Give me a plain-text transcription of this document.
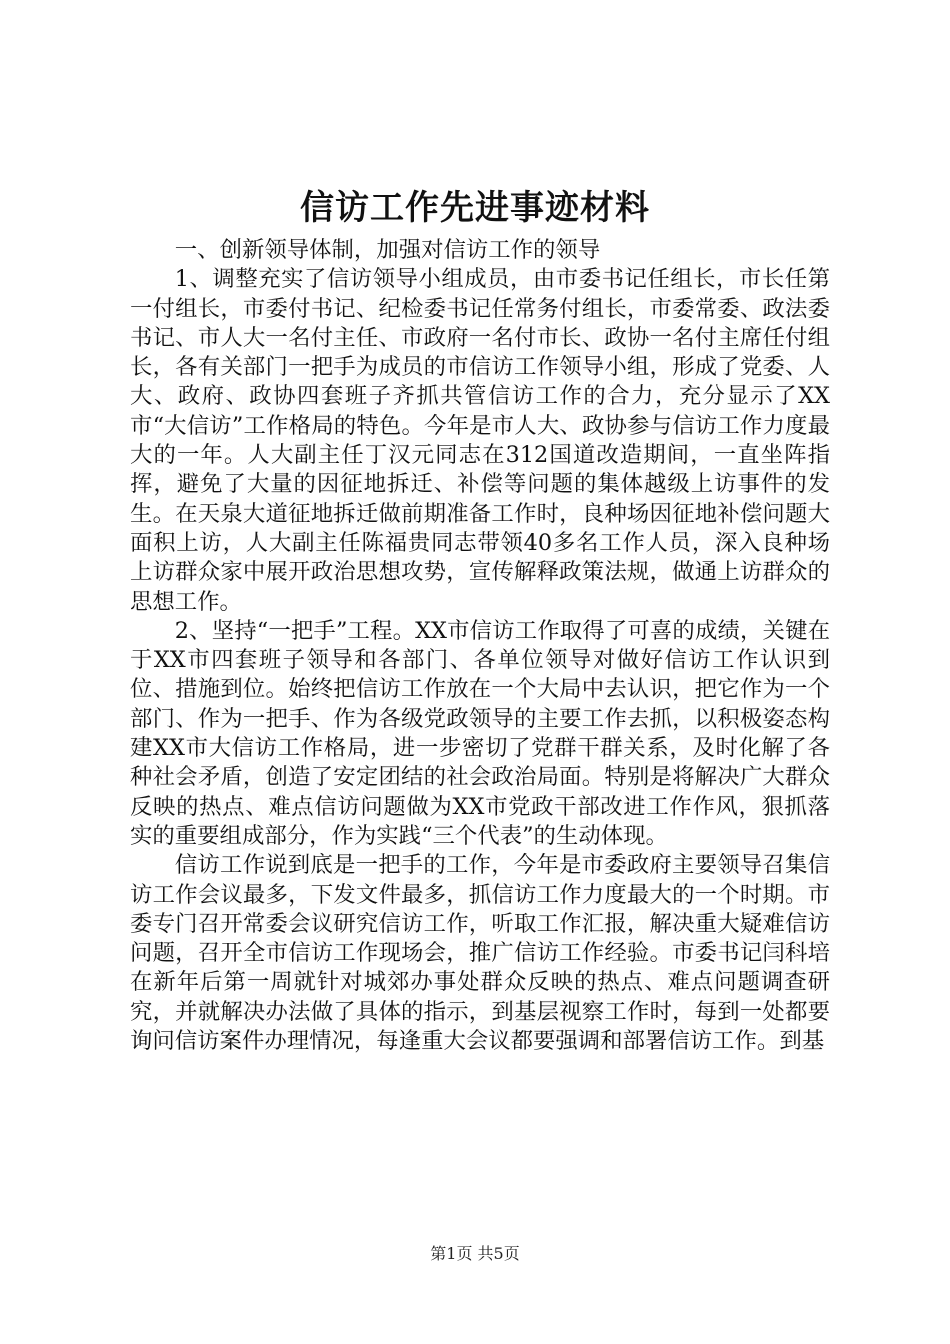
信访工作先进事迹材料

一、创新领导体制，加强对信访工作的领导

1、调整充实了信访领导小组成员，由市委书记任组长，市长任第一付组长，市委付书记、纪检委书记任常务付组长，市委常委、政法委书记、市人大一名付主任、市政府一名付市长、政协一名付主席任付组长，各有关部门一把手为成员的市信访工作领导小组，形成了党委、人大、政府、政协四套班子齐抓共管信访工作的合力，充分显示了XX市“大信访”工作格局的特色。今年是市人大、政协参与信访工作力度最大的一年。人大副主任丁汉元同志在312国道改造期间，一直坐阵指挥，避免了大量的因征地拆迁、补偿等问题的集体越级上访事件的发生。在天泉大道征地拆迁做前期准备工作时，良种场因征地补偿问题大面积上访，人大副主任陈福贵同志带领40多名工作人员，深入良种场上访群众家中展开政治思想攻势，宣传解释政策法规，做通上访群众的思想工作。

2、坚持“一把手”工程。XX市信访工作取得了可喜的成绩，关键在于XX市四套班子领导和各部门、各单位领导对做好信访工作认识到位、措施到位。始终把信访工作放在一个大局中去认识，把它作为一个部门、作为一把手、作为各级党政领导的主要工作去抓，以积极姿态构建XX市大信访工作格局，进一步密切了党群干群关系，及时化解了各种社会矛盾，创造了安定团结的社会政治局面。特别是将解决广大群众反映的热点、难点信访问题做为XX市党政干部改进工作作风，狠抓落实的重要组成部分，作为实践“三个代表”的生动体现。

信访工作说到底是一把手的工作，今年是市委政府主要领导召集信访工作会议最多，下发文件最多，抓信访工作力度最大的一个时期。市委专门召开常委会议研究信访工作，听取工作汇报，解决重大疑难信访问题，召开全市信访工作现场会，推广信访工作经验。市委书记闫科培在新年后第一周就针对城郊办事处群众反映的热点、难点问题调查研究，并就解决办法做了具体的指示，到基层视察工作时，每到一处都要询问信访案件办理情况，每逢重大会议都要强调和部署信访工作。到基

第1页 共5页
